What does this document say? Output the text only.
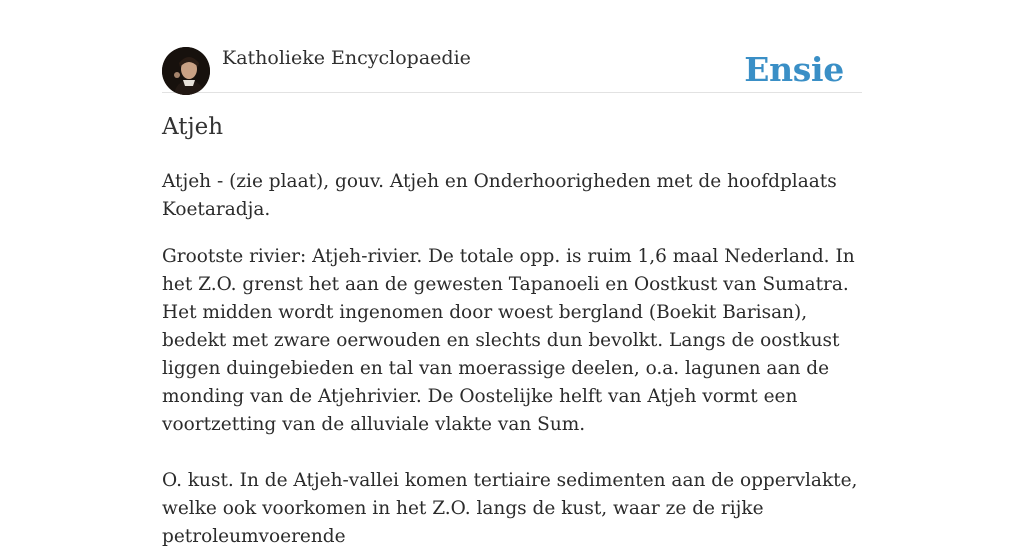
Katholieke Encyclopaedie	Ensie
Atjeh

Atjeh - (zie plaat), gouv. Atjeh en Onderhoorigheden met de hoofdplaats Koetaradja.

Grootste rivier: Atjeh-rivier. De totale opp. is ruim 1,6 maal Nederland. In het Z.O. grenst het aan de gewesten Tapanoeli en Oostkust van Sumatra. Het midden wordt ingenomen door woest bergland (Boekit Barisan), bedekt met zware oerwouden en slechts dun bevolkt. Langs de oostkust liggen duingebieden en tal van moerassige deelen, o.a. lagunen aan de monding van de Atjehrivier. De Oostelijke helft van Atjeh vormt een voortzetting van de alluviale vlakte van Sum.

O. kust. In de Atjeh-vallei komen tertiaire sedimenten aan de oppervlakte, welke ook voorkomen in het Z.O. langs de kust, waar ze de rijke petroleumvoerende
